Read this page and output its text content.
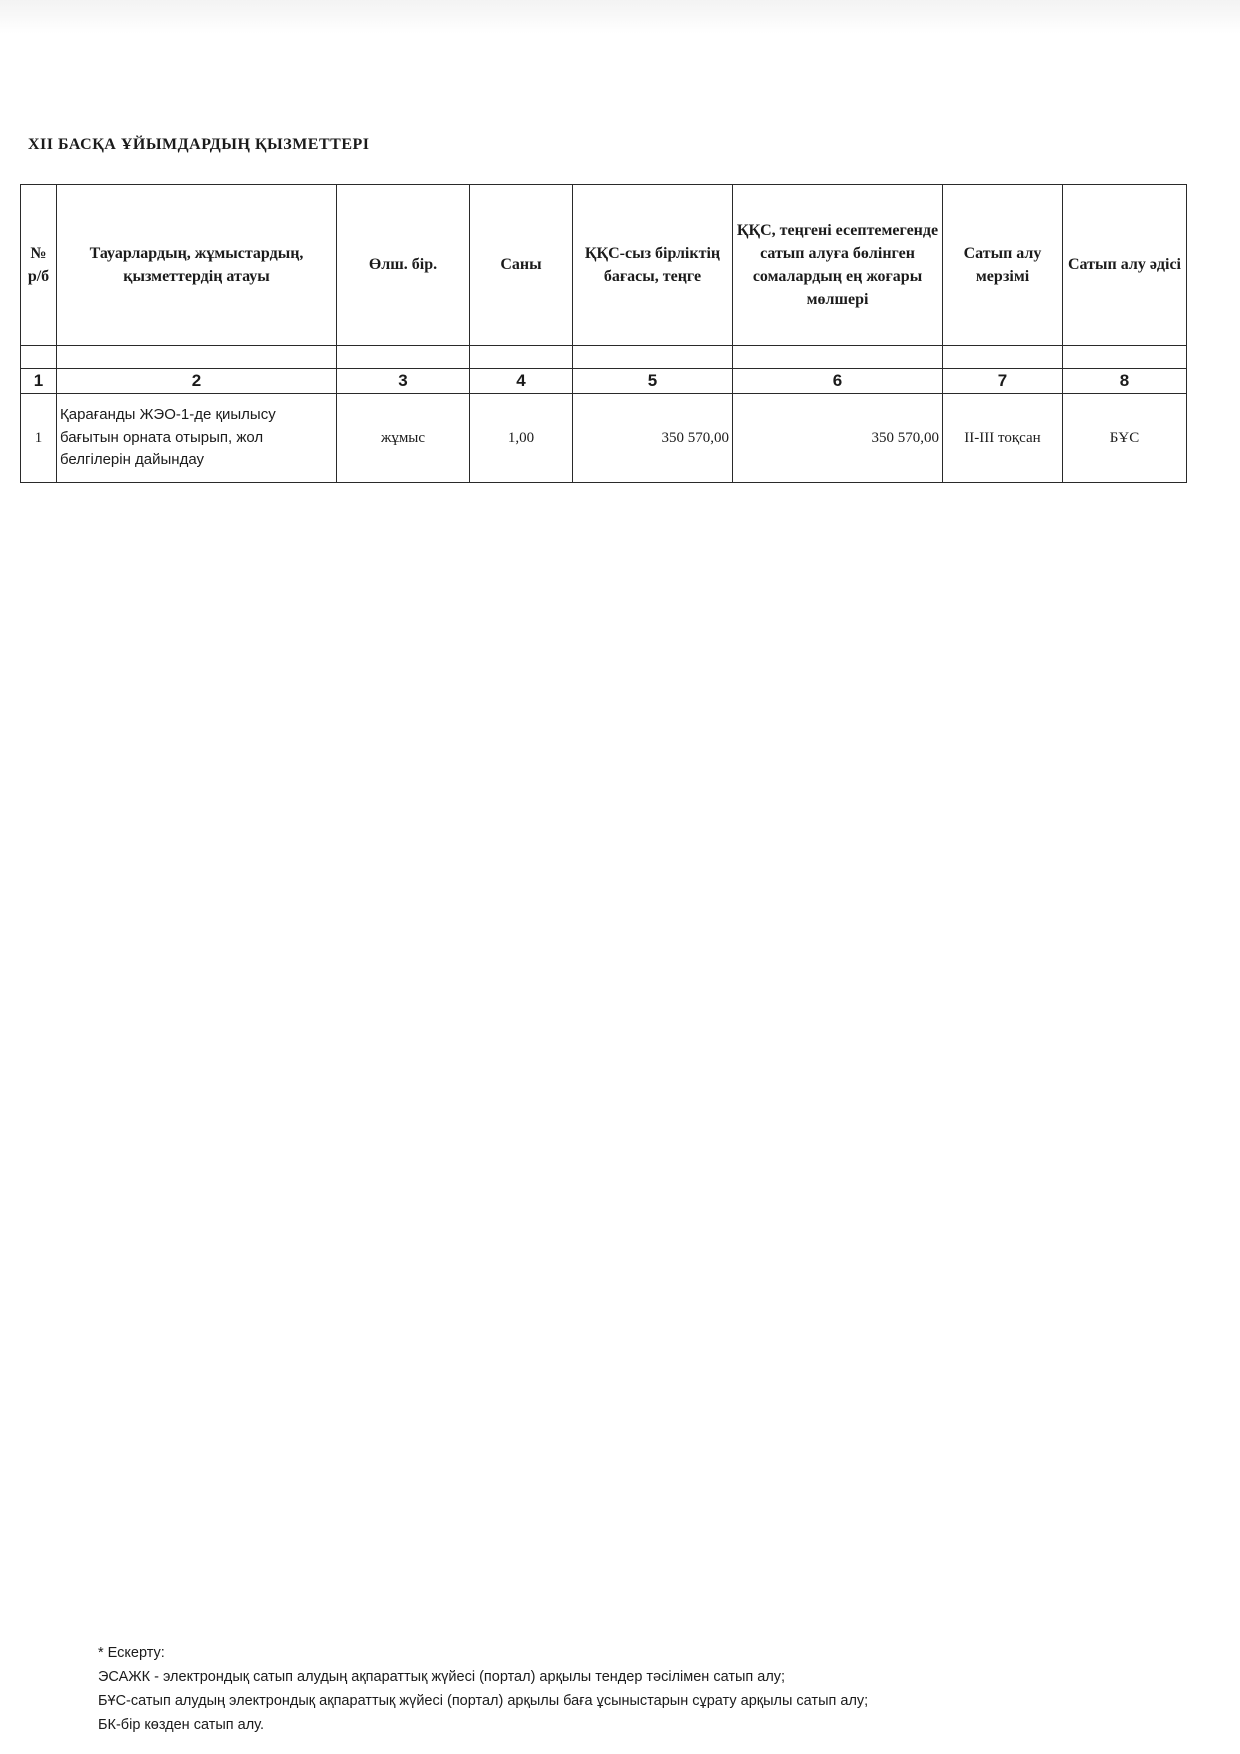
XII БАСҚА ҰЙЫМДАРДЫҢ ҚЫЗМЕТТЕРІ
№ р/б	Тауарлардың, жұмыстардың, қызметтердің атауы	Өлш. бір.	Саны	ҚҚС-сыз бірліктің бағасы, теңге	ҚҚС, теңгені есептемегенде сатып алуға бөлінген сомалардың ең жоғары мөлшері	Сатып алу мерзімі	Сатып алу әдісі

1	2	3	4	5	6	7	8
1	Қарағанды ЖЭО-1-де қиылысу бағытын орната отырып, жол белгілерін дайындау	жұмыс	1,00	350 570,00	350 570,00	II-III тоқсан	БҰС
* Ескерту:
ЭСАЖК - электрондық сатып алудың ақпараттық жүйесі (портал) арқылы тендер тәсілімен сатып алу;
БҰС-сатып алудың электрондық ақпараттық жүйесі (портал) арқылы баға ұсыныстарын сұрату арқылы сатып алу;
БК-бір көзден сатып алу.
